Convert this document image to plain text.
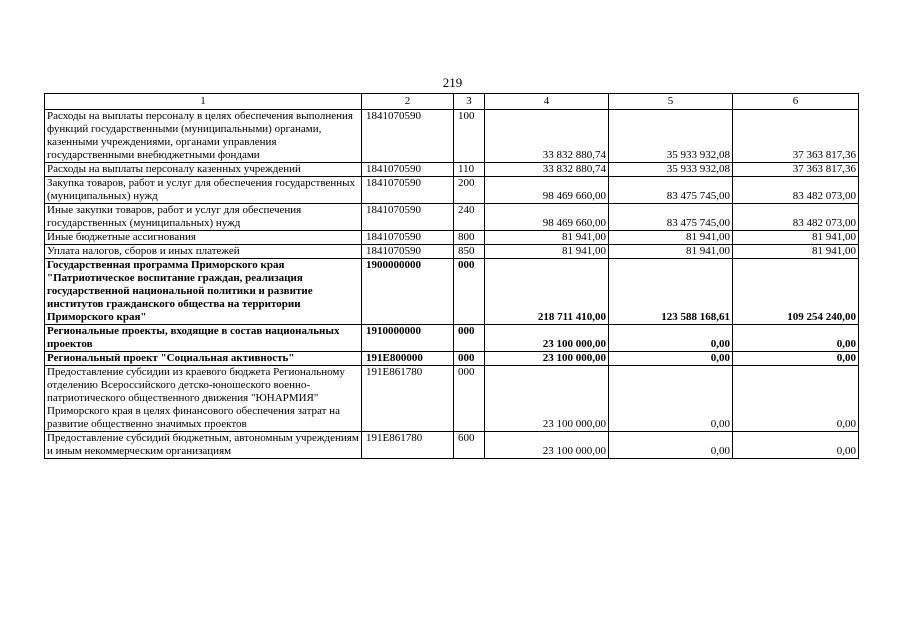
219
1	2	3	4	5	6
Расходы на выплаты персоналу в целях обеспечения выполнения функций государственными (муниципальными) органами, казенными учреждениями, органами управления государственными внебюджетными фондами	1841070590	100	33 832 880,74	35 933 932,08	37 363 817,36
Расходы на выплаты персоналу казенных учреждений	1841070590	110	33 832 880,74	35 933 932,08	37 363 817,36
Закупка товаров, работ и услуг для обеспечения государственных (муниципальных) нужд	1841070590	200	98 469 660,00	83 475 745,00	83 482 073,00
Иные закупки товаров, работ и услуг для обеспечения государственных (муниципальных) нужд	1841070590	240	98 469 660,00	83 475 745,00	83 482 073,00
Иные бюджетные ассигнования	1841070590	800	81 941,00	81 941,00	81 941,00
Уплата налогов, сборов и иных платежей	1841070590	850	81 941,00	81 941,00	81 941,00
Государственная программа Приморского края "Патриотическое воспитание граждан, реализация государственной национальной политики и развитие институтов гражданского общества на территории Приморского края"	1900000000	000	218 711 410,00	123 588 168,61	109 254 240,00
Региональные проекты, входящие в состав национальных проектов	1910000000	000	23 100 000,00	0,00	0,00
Региональный проект "Социальная активность"	191E800000	000	23 100 000,00	0,00	0,00
Предоставление субсидии из краевого бюджета Региональному отделению Всероссийского детско-юношеского военно-патриотического общественного движения "ЮНАРМИЯ" Приморского края в целях финансового обеспечения затрат на развитие общественно значимых проектов	191E861780	000	23 100 000,00	0,00	0,00
Предоставление субсидий бюджетным, автономным учреждениям и иным некоммерческим организациям	191E861780	600	23 100 000,00	0,00	0,00
